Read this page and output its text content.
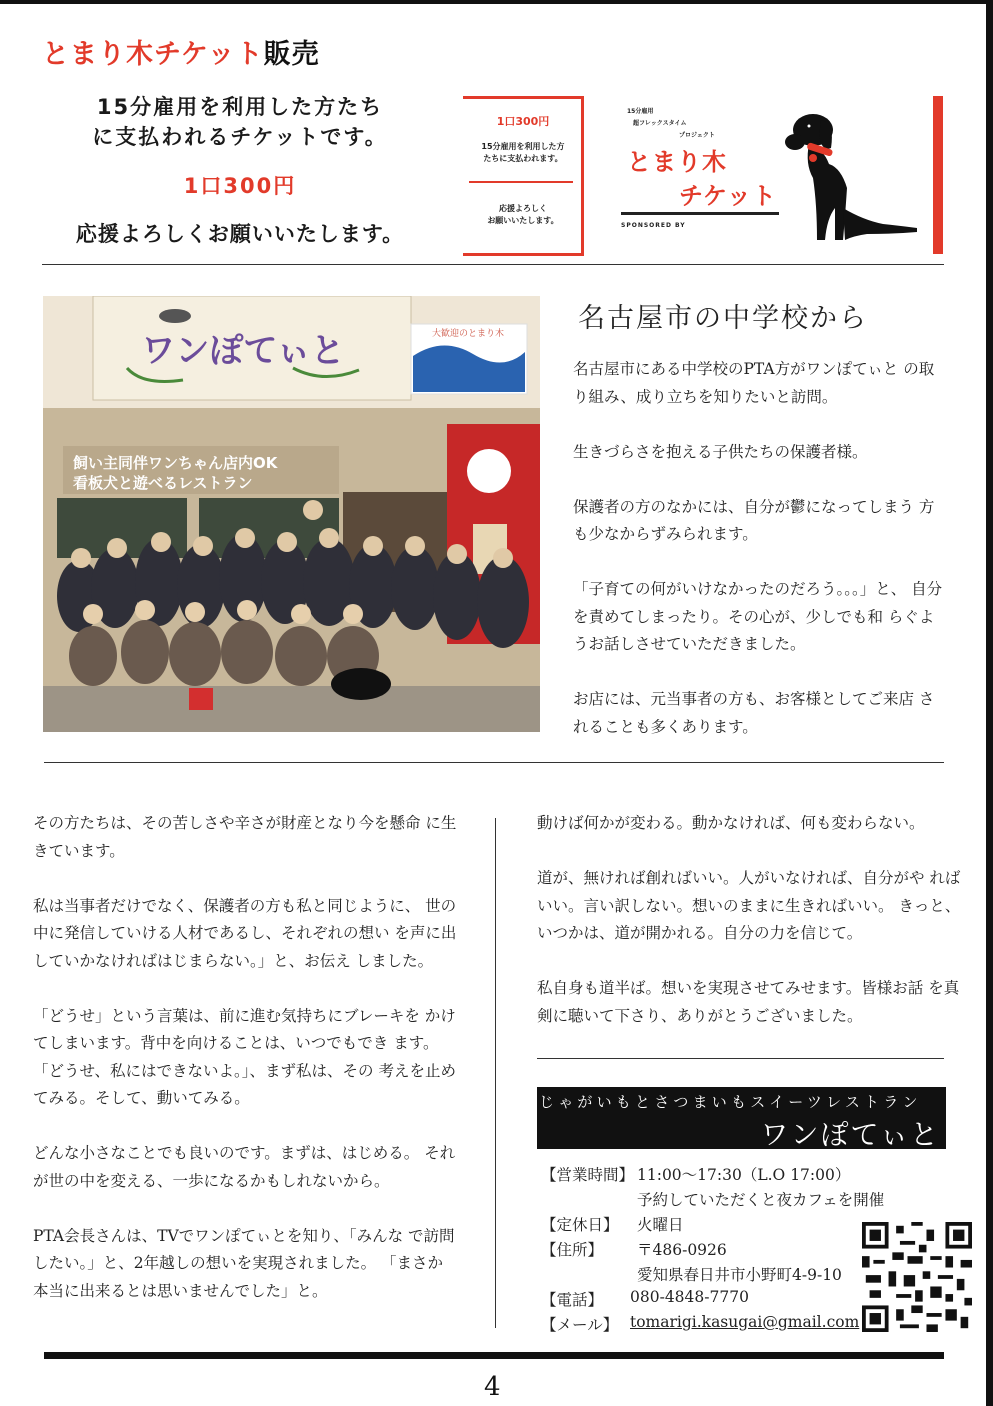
とまり木チケット販売
15分雇用を利用した方たち
に支払われるチケットです。
1口300円
応援よろしくお願いいたします。
1口300円
15分雇用を利用した方
たちに支払われます。
応援よろしく
お願いいたします。
15分雇用
超フレックスタイム
プロジェクト
とまり木
チケット
SPONSORED BY
大歓迎のとまり木
ワンぽてぃと
飼い主同伴ワンちゃん店内OK
看板犬と遊べるレストラン
名古屋市の中学校から

名古屋市にある中学校のPTA方がワンぽてぃと の取り組み、成り立ちを知りたいと訪問。

生きづらさを抱える子供たちの保護者様。

保護者の方のなかには、自分が鬱になってしまう 方も少なからずみられます。

「子育ての何がいけなかったのだろう。。。」と、 自分を責めてしまったり。その心が、少しでも和 らぐようお話しさせていただきました。

お店には、元当事者の方も、お客様としてご来店 されることも多くあります。

その方たちは、その苦しさや辛さが財産となり今を懸命 に生きています。

私は当事者だけでなく、保護者の方も私と同じように、 世の中に発信していける人材であるし、それぞれの想い を声に出していかなければはじまらない。」と、お伝え しました。

「どうせ」という言葉は、前に進む気持ちにブレーキを かけてしまいます。背中を向けることは、いつでもでき ます。「どうせ、私にはできないよ。」、まず私は、その 考えを止めてみる。そして、動いてみる。

どんな小さなことでも良いのです。まずは、はじめる。 それが世の中を変える、一歩になるかもしれないから。

PTA会長さんは、TVでワンぽてぃとを知り、「みんな で訪問したい。」と、2年越しの想いを実現されました。 「まさか本当に出来るとは思いませんでした」と。

動けば何かが変わる。動かなければ、何も変わらない。

道が、無ければ創ればいい。人がいなければ、自分がや ればいい。言い訳しない。想いのままに生きればいい。 きっと、いつかは、道が開かれる。自分の力を信じて。

私自身も道半ば。想いを実現させてみせます。皆様お話 を真剣に聴いて下さり、ありがとうございました。

じゃがいもとさつまいもスイーツレストラン
ワンぽてぃと
【営業時間】 11:00〜17:30（L.O 17:00）
予約していただくと夜カフェを開催
【定休日】 火曜日
【住所】 〒486-0926
愛知県春日井市小野町4-9-10
【電話】 080-4848-7770
【メール】 tomarigi.kasugai@gmail.com
4
